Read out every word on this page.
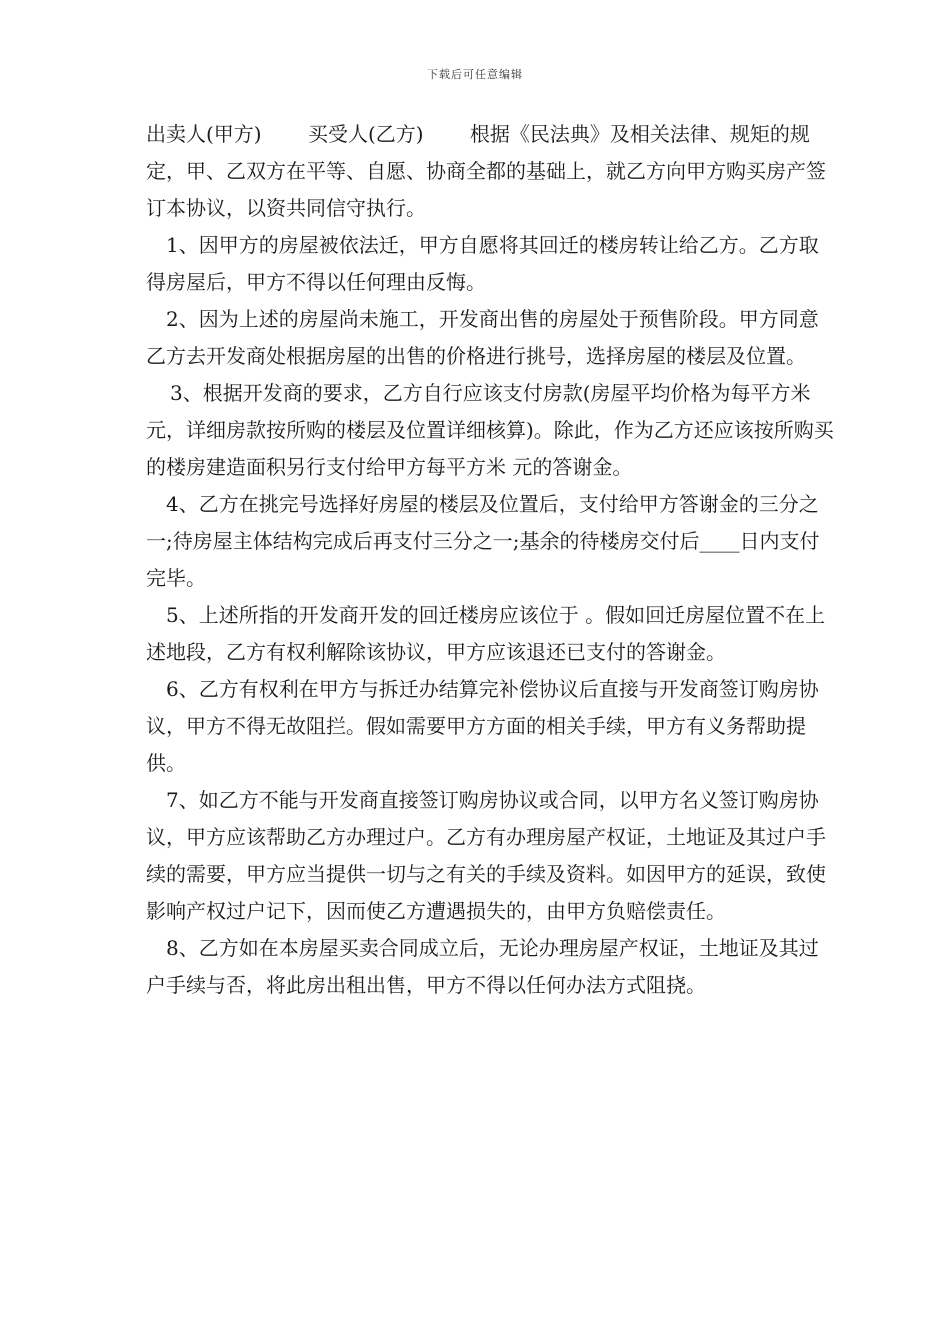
下载后可任意编辑

出卖人(甲方)　　 买受人(乙方)　　 根据《民法典》及相关法律、规矩的规定，甲、乙双方在平等、自愿、协商全都的基础上，就乙方向甲方购买房产签订本协议，以资共同信守执行。

1、因甲方的房屋被依法迁，甲方自愿将其回迁的楼房转让给乙方。乙方取得房屋后，甲方不得以任何理由反悔。

2、因为上述的房屋尚未施工，开发商出售的房屋处于预售阶段。甲方同意乙方去开发商处根据房屋的出售的价格进行挑号，选择房屋的楼层及位置。

3、根据开发商的要求，乙方自行应该支付房款(房屋平均价格为每平方米 元，详细房款按所购的楼层及位置详细核算)。除此，作为乙方还应该按所购买的楼房建造面积另行支付给甲方每平方米 元的答谢金。

4、乙方在挑完号选择好房屋的楼层及位置后，支付给甲方答谢金的三分之一;待房屋主体结构完成后再支付三分之一;基余的待楼房交付后____日内支付完毕。

5、上述所指的开发商开发的回迁楼房应该位于 。假如回迁房屋位置不在上述地段，乙方有权利解除该协议，甲方应该退还已支付的答谢金。

6、乙方有权利在甲方与拆迁办结算完补偿协议后直接与开发商签订购房协议，甲方不得无故阻拦。假如需要甲方方面的相关手续，甲方有义务帮助提供。

7、如乙方不能与开发商直接签订购房协议或合同，以甲方名义签订购房协议，甲方应该帮助乙方办理过户。乙方有办理房屋产权证，土地证及其过户手续的需要，甲方应当提供一切与之有关的手续及资料。如因甲方的延误，致使影响产权过户记下，因而使乙方遭遇损失的，由甲方负赔偿责任。

8、乙方如在本房屋买卖合同成立后，无论办理房屋产权证，土地证及其过户手续与否，将此房出租出售，甲方不得以任何办法方式阻挠。
